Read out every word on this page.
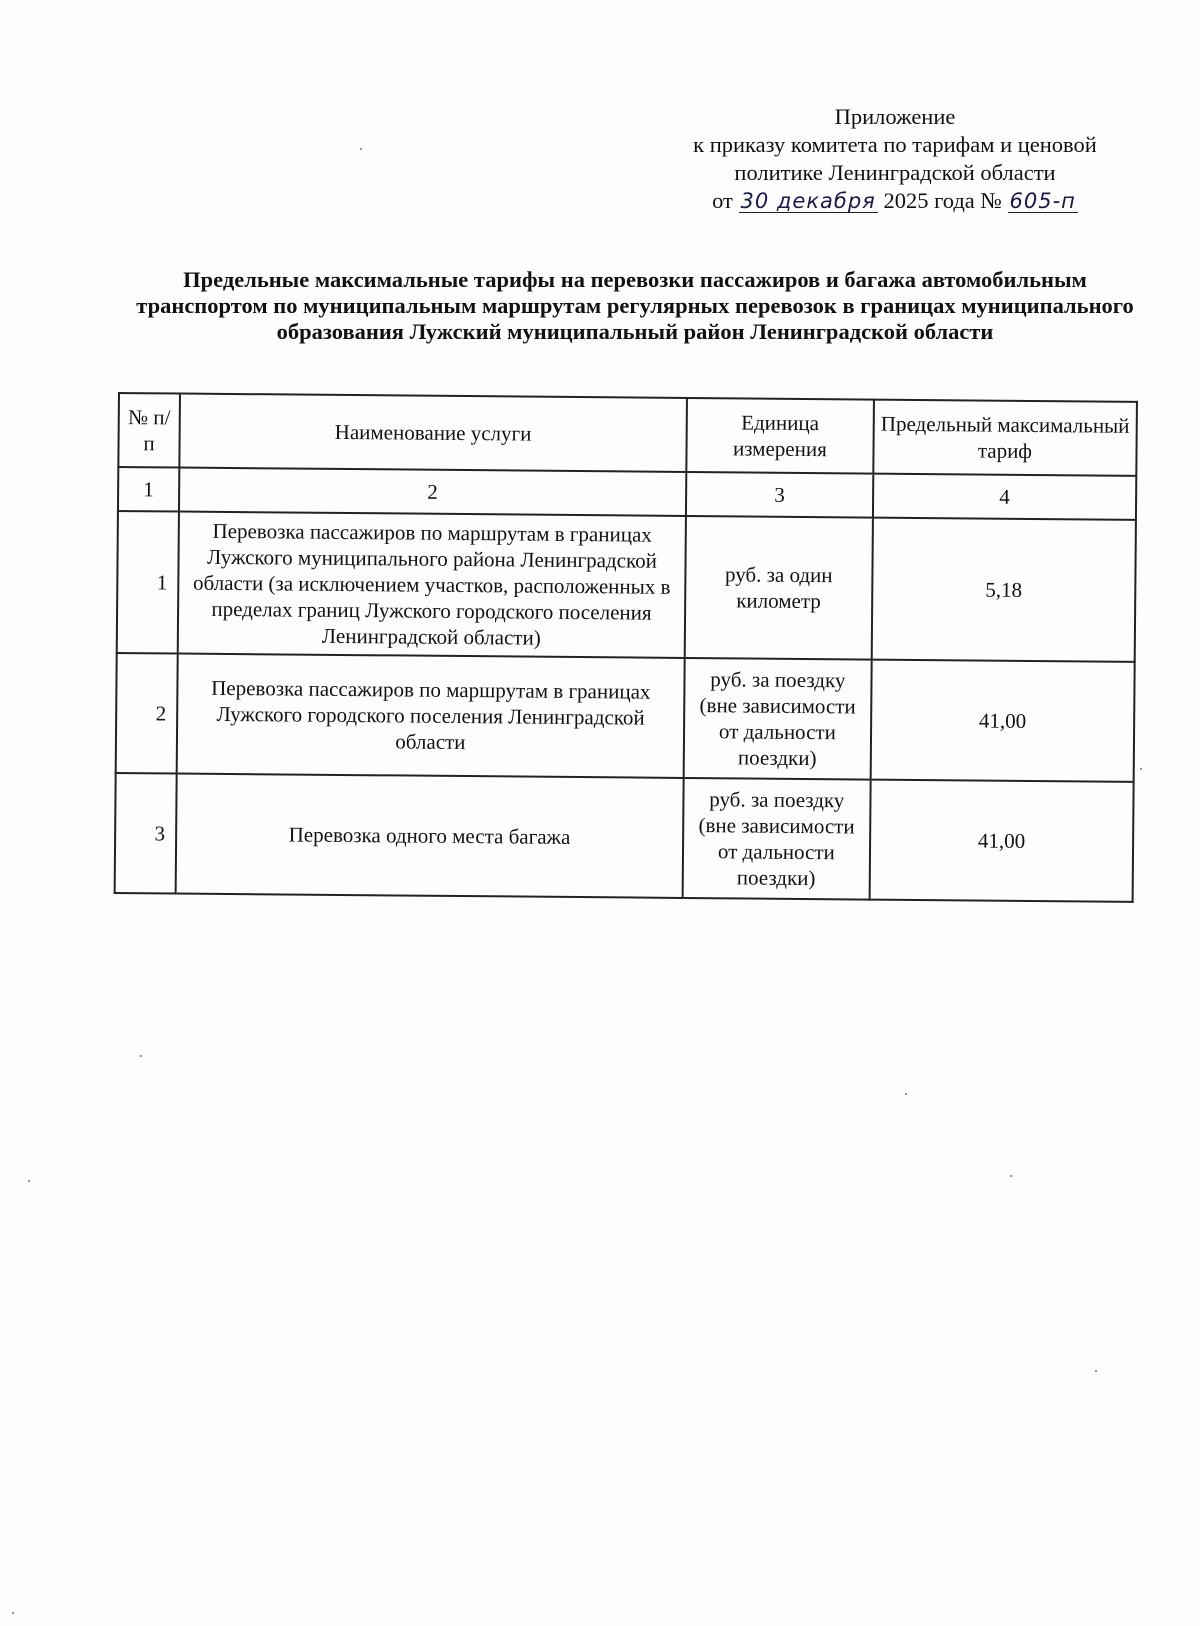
Приложение
к приказу комитета по тарифам и ценовой
политике Ленинградской области
от 30 декабря 2025 года № 605-п
Предельные максимальные тарифы на перевозки пассажиров и багажа автомобильным транспортом по муниципальным маршрутам регулярных перевозок в границах муниципального образования Лужский муниципальный район Ленинградской области
№ п/п	Наименование услуги	Единица измерения	Предельный максимальный тариф
1	2	3	4
1	Перевозка пассажиров по маршрутам в границах Лужского муниципального района Ленинградской области (за исключением участков, расположенных в пределах границ Лужского городского поселения Ленинградской области)	руб. за один километр	5,18
2	Перевозка пассажиров по маршрутам в границах Лужского городского поселения Ленинградской области	руб. за поездку (вне зависимости от дальности поездки)	41,00
3	Перевозка одного места багажа	руб. за поездку (вне зависимости от дальности поездки)	41,00
